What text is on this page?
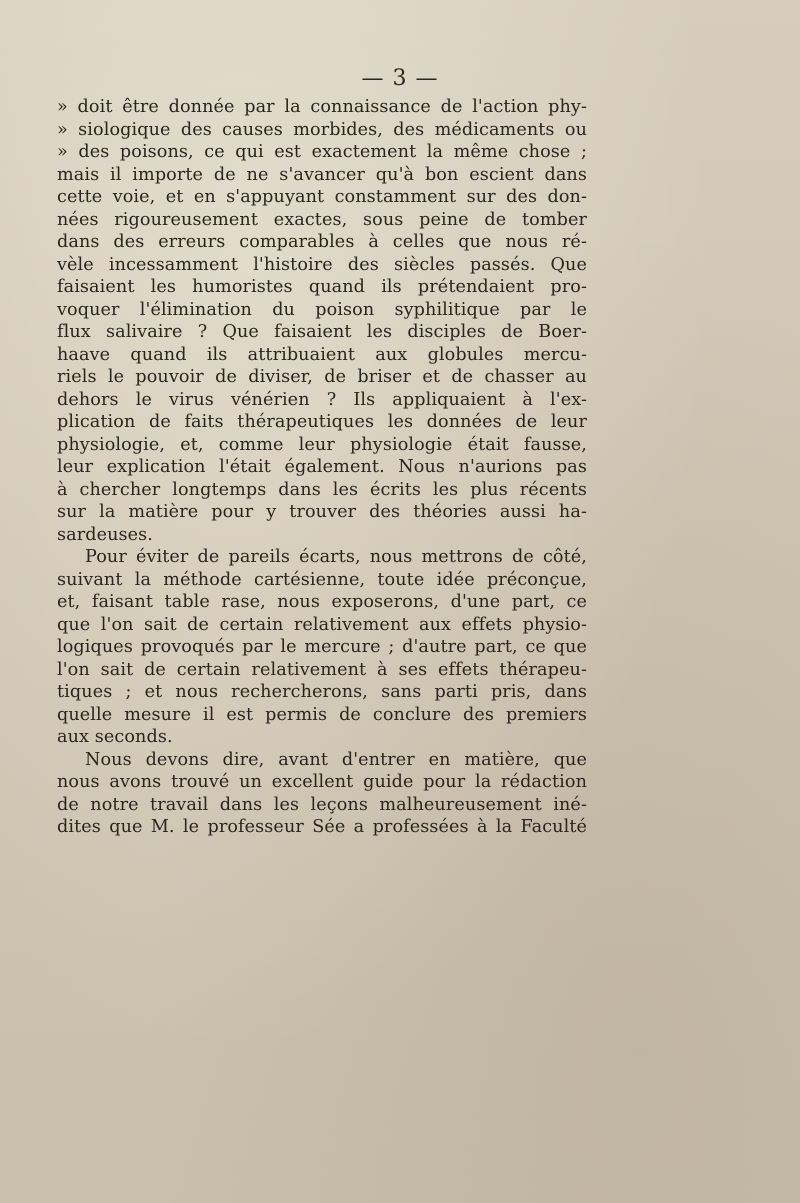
— 3 —

» doit être donnée par la connaissance de l'action phy-
» siologique des causes morbides, des médicaments ou
» des poisons, ce qui est exactement la même chose ;
mais il importe de ne s'avancer qu'à bon escient dans
cette voie, et en s'appuyant constamment sur des don-
nées rigoureusement exactes, sous peine de tomber
dans des erreurs comparables à celles que nous ré-
vèle incessamment l'histoire des siècles passés. Que
faisaient les humoristes quand ils prétendaient pro-
voquer l'élimination du poison syphilitique par le
flux salivaire ? Que faisaient les disciples de Boer-
haave quand ils attribuaient aux globules mercu-
riels le pouvoir de diviser, de briser et de chasser au
dehors le virus vénérien ? Ils appliquaient à l'ex-
plication de faits thérapeutiques les données de leur
physiologie, et, comme leur physiologie était fausse,
leur explication l'était également. Nous n'aurions pas
à chercher longtemps dans les écrits les plus récents
sur la matière pour y trouver des théories aussi ha-
sardeuses.

Pour éviter de pareils écarts, nous mettrons de côté,
suivant la méthode cartésienne, toute idée préconçue,
et, faisant table rase, nous exposerons, d'une part, ce
que l'on sait de certain relativement aux effets physio-
logiques provoqués par le mercure ; d'autre part, ce que
l'on sait de certain relativement à ses effets thérapeu-
tiques ; et nous rechercherons, sans parti pris, dans
quelle mesure il est permis de conclure des premiers
aux seconds.

Nous devons dire, avant d'entrer en matière, que
nous avons trouvé un excellent guide pour la rédaction
de notre travail dans les leçons malheureusement iné-
dites que M. le professeur Sée a professées à la Faculté
